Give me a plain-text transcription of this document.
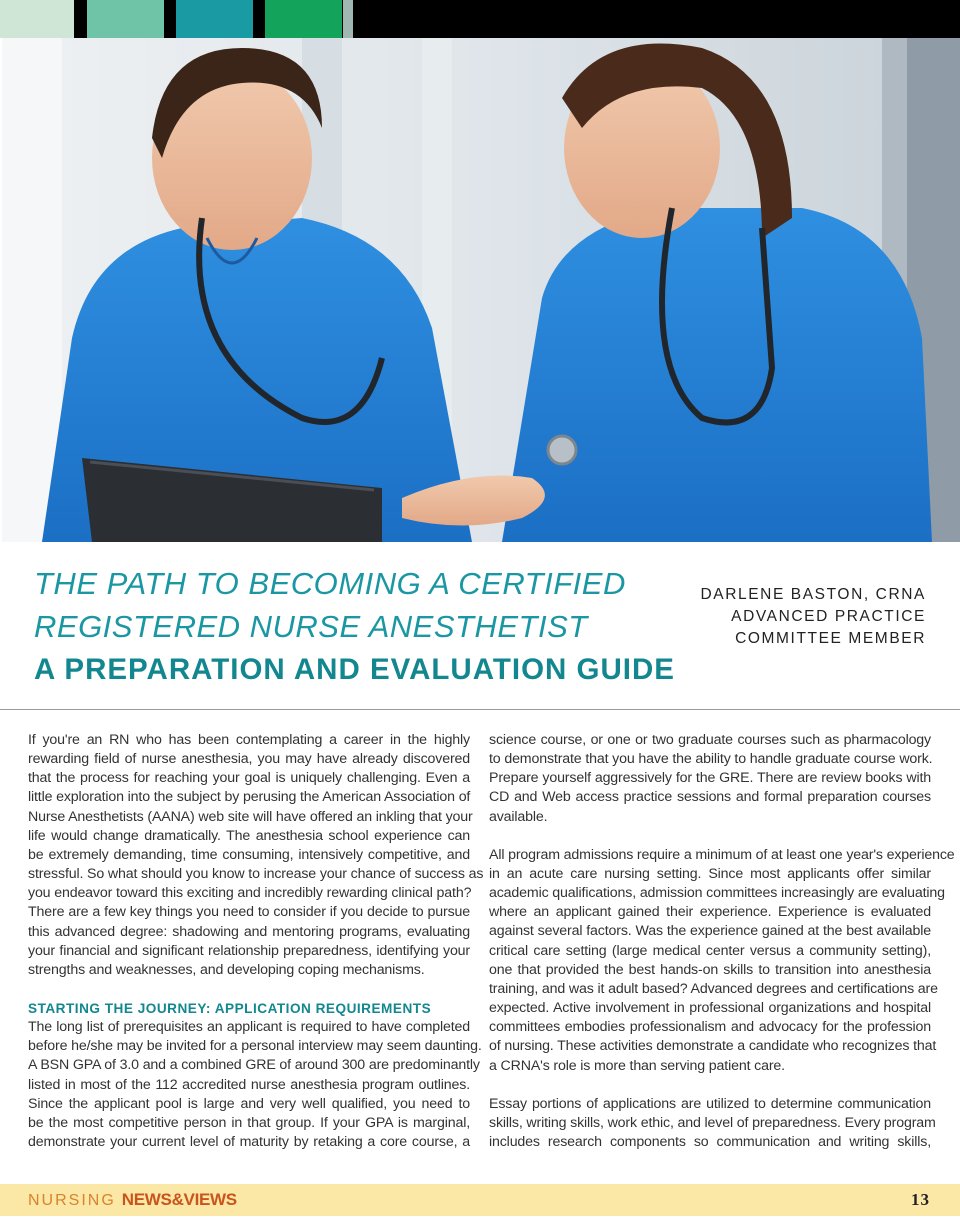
THE PATH TO BECOMING A CERTIFIED
REGISTERED NURSE ANESTHETIST
A PREPARATION AND EVALUATION GUIDE
DARLENE BASTON, CRNA
ADVANCED PRACTICE
COMMITTEE MEMBER
If you're an RN who has been contemplating a career in the highly
rewarding field of nurse anesthesia, you may have already discovered
that the process for reaching your goal is uniquely challenging. Even a
little exploration into the subject by perusing the American Association of
Nurse Anesthetists (AANA) web site will have offered an inkling that your
life would change dramatically. The anesthesia school experience can
be extremely demanding, time consuming, intensively competitive, and
stressful. So what should you know to increase your chance of success as
you endeavor toward this exciting and incredibly rewarding clinical path?
There are a few key things you need to consider if you decide to pursue
this advanced degree: shadowing and mentoring programs, evaluating
your financial and significant relationship preparedness, identifying your
strengths and weaknesses, and developing coping mechanisms.
STARTING THE JOURNEY: APPLICATION REQUIREMENTS
The long list of prerequisites an applicant is required to have completed
before he/she may be invited for a personal interview may seem daunting.
A BSN GPA of 3.0 and a combined GRE of around 300 are predominantly
listed in most of the 112 accredited nurse anesthesia program outlines.
Since the applicant pool is large and very well qualified, you need to
be the most competitive person in that group. If your GPA is marginal,
demonstrate your current level of maturity by retaking a core course, a
science course, or one or two graduate courses such as pharmacology
to demonstrate that you have the ability to handle graduate course work.
Prepare yourself aggressively for the GRE. There are review books with
CD and Web access practice sessions and formal preparation courses
available.
All program admissions require a minimum of at least one year's experience
in an acute care nursing setting. Since most applicants offer similar
academic qualifications, admission committees increasingly are evaluating
where an applicant gained their experience. Experience is evaluated
against several factors. Was the experience gained at the best available
critical care setting (large medical center versus a community setting),
one that provided the best hands-on skills to transition into anesthesia
training, and was it adult based? Advanced degrees and certifications are
expected. Active involvement in professional organizations and hospital
committees embodies professionalism and advocacy for the profession
of nursing. These activities demonstrate a candidate who recognizes that
a CRNA's role is more than serving patient care.
Essay portions of applications are utilized to determine communication
skills, writing skills, work ethic, and level of preparedness. Every program
includes research components so communication and writing skills,
NURSING NEWS&VIEWS	13
